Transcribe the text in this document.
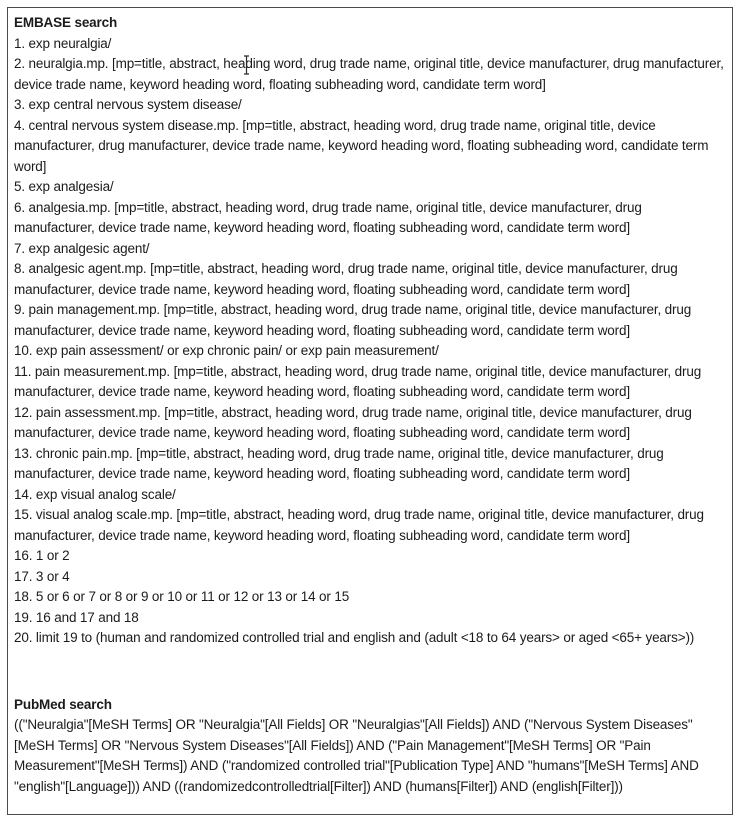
EMBASE search

1. exp neuralgia/

2. neuralgia.mp. [mp=title, abstract, heading word, drug trade name, original title, device manufacturer, drug manufacturer, device trade name, keyword heading word, floating subheading word, candidate term word]

3. exp central nervous system disease/

4. central nervous system disease.mp. [mp=title, abstract, heading word, drug trade name, original title, device manufacturer, drug manufacturer, device trade name, keyword heading word, floating subheading word, candidate term word]

5. exp analgesia/

6. analgesia.mp. [mp=title, abstract, heading word, drug trade name, original title, device manufacturer, drug manufacturer, device trade name, keyword heading word, floating subheading word, candidate term word]

7. exp analgesic agent/

8. analgesic agent.mp. [mp=title, abstract, heading word, drug trade name, original title, device manufacturer, drug manufacturer, device trade name, keyword heading word, floating subheading word, candidate term word]

9. pain management.mp. [mp=title, abstract, heading word, drug trade name, original title, device manufacturer, drug manufacturer, device trade name, keyword heading word, floating subheading word, candidate term word]

10. exp pain assessment/ or exp chronic pain/ or exp pain measurement/

11. pain measurement.mp. [mp=title, abstract, heading word, drug trade name, original title, device manufacturer, drug manufacturer, device trade name, keyword heading word, floating subheading word, candidate term word]

12. pain assessment.mp. [mp=title, abstract, heading word, drug trade name, original title, device manufacturer, drug manufacturer, device trade name, keyword heading word, floating subheading word, candidate term word]

13. chronic pain.mp. [mp=title, abstract, heading word, drug trade name, original title, device manufacturer, drug manufacturer, device trade name, keyword heading word, floating subheading word, candidate term word]

14. exp visual analog scale/

15. visual analog scale.mp. [mp=title, abstract, heading word, drug trade name, original title, device manufacturer, drug manufacturer, device trade name, keyword heading word, floating subheading word, candidate term word]

16. 1 or 2

17. 3 or 4

18. 5 or 6 or 7 or 8 or 9 or 10 or 11 or 12 or 13 or 14 or 15

19. 16 and 17 and 18

20. limit 19 to (human and randomized controlled trial and english and (adult <18 to 64 years> or aged <65+ years>))

PubMed search

(("Neuralgia"[MeSH Terms] OR "Neuralgia"[All Fields] OR "Neuralgias"[All Fields]) AND ("Nervous System Diseases"[MeSH Terms] OR "Nervous System Diseases"[All Fields]) AND ("Pain Management"[MeSH Terms] OR "Pain Measurement"[MeSH Terms]) AND ("randomized controlled trial"[Publication Type] AND "humans"[MeSH Terms] AND "english"[Language])) AND ((randomizedcontrolledtrial[Filter]) AND (humans[Filter]) AND (english[Filter]))
